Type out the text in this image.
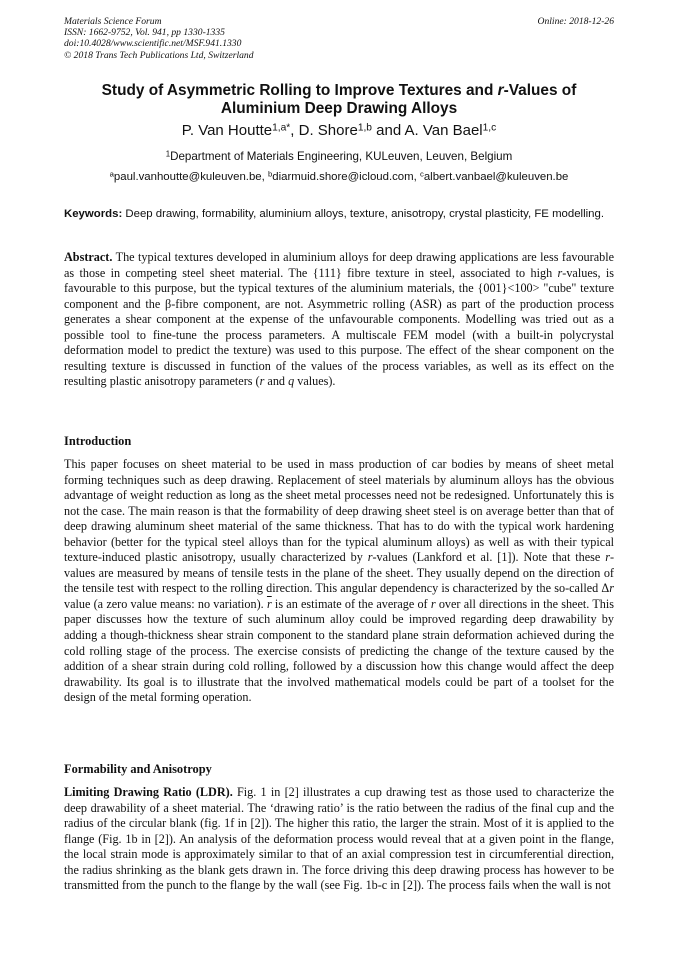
Materials Science Forum
ISSN: 1662-9752, Vol. 941, pp 1330-1335
doi:10.4028/www.scientific.net/MSF.941.1330
© 2018 Trans Tech Publications Ltd, Switzerland
Online: 2018-12-26
Study of Asymmetric Rolling to Improve Textures and r-Values of
Aluminium Deep Drawing Alloys
P. Van Houtte$^{1,a*}$, D. Shore$^{1,b}$ and A. Van Bael$^{1,c}$
$^1$Department of Materials Engineering, KULeuven, Leuven, Belgium
$^a$paul.vanhoutte@kuleuven.be, $^b$diarmuid.shore@icloud.com, $^c$albert.vanbael@kuleuven.be
Keywords: Deep drawing, formability, aluminium alloys, texture, anisotropy, crystal plasticity, FE modelling.
Abstract. The typical textures developed in aluminium alloys for deep drawing applications are less favourable as those in competing steel sheet material. The {111} fibre texture in steel, associated to high r-values, is favourable to this purpose, but the typical textures of the aluminium materials, the {001}<100> "cube" texture component and the β-fibre component, are not. Asymmetric rolling (ASR) as part of the production process generates a shear component at the expense of the unfavourable components. Modelling was tried out as a possible tool to fine-tune the process parameters. A multiscale FEM model (with a built-in polycrystal deformation model to predict the texture) was used to this purpose. The effect of the shear component on the resulting texture is discussed in function of the values of the process variables, as well as its effect on the resulting plastic anisotropy parameters (r and q values).
Introduction
This paper focuses on sheet material to be used in mass production of car bodies by means of sheet metal forming techniques such as deep drawing. Replacement of steel materials by aluminum alloys has the obvious advantage of weight reduction as long as the sheet metal processes need not be redesigned. Unfortunately this is not the case. The main reason is that the formability of deep drawing sheet steel is on average better than that of deep drawing aluminum sheet material of the same thickness. That has to do with the typical work hardening behavior (better for the typical steel alloys than for the typical aluminum alloys) as well as with their typical texture-induced plastic anisotropy, usually characterized by r-values (Lankford et al. [1]). Note that these r-values are measured by means of tensile tests in the plane of the sheet. They usually depend on the direction of the tensile test with respect to the rolling direction. This angular dependency is characterized by the so-called Δr value (a zero value means: no variation). $\overline{r}$ is an estimate of the average of r over all directions in the sheet. This paper discusses how the texture of such aluminum alloy could be improved regarding deep drawability by adding a though-thickness shear strain component to the standard plane strain deformation achieved during the cold rolling stage of the process. The exercise consists of predicting the change of the texture caused by the addition of a shear strain during cold rolling, followed by a discussion how this change would affect the deep drawability. Its goal is to illustrate that the involved mathematical models could be part of a toolset for the design of the metal forming operation.
Formability and Anisotropy
Limiting Drawing Ratio (LDR). Fig. 1 in [2] illustrates a cup drawing test as those used to characterize the deep drawability of a sheet material. The ‘drawing ratio’ is the ratio between the radius of the final cup and the radius of the circular blank (fig. 1f in [2]). The higher this ratio, the larger the strain. Most of it is applied to the flange (Fig. 1b in [2]). An analysis of the deformation process would reveal that at a given point in the flange, the local strain mode is approximately similar to that of an axial compression test in circumferential direction, the radius shrinking as the blank gets drawn in. The force driving this deep drawing process has however to be transmitted from the punch to the flange by the wall (see Fig. 1b-c in [2]). The process fails when the wall is not
